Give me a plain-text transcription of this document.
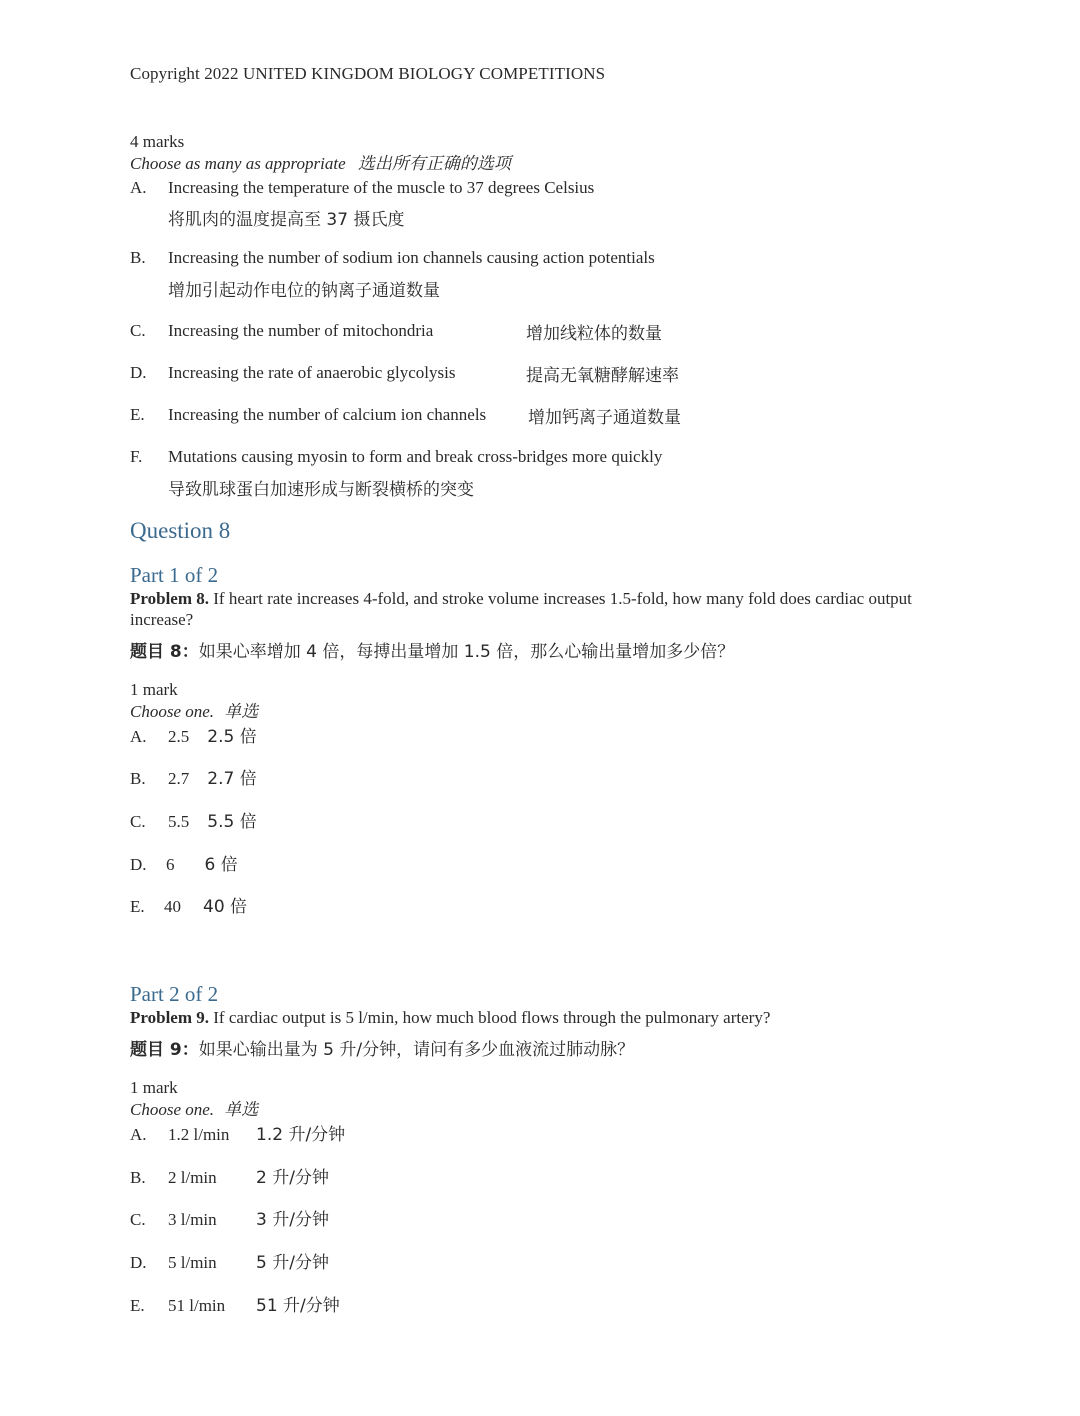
Copyright 2022 UNITED KINGDOM BIOLOGY COMPETITIONS
4 marks
Choose as many as appropriate 选出所有正确的选项
A. Increasing the temperature of the muscle to 37 degrees Celsius
将肌肉的温度提高至 37 摄氏度
B. Increasing the number of sodium ion channels causing action potentials
增加引起动作电位的钠离子通道数量
C. Increasing the number of mitochondria	增加线粒体的数量
D. Increasing the rate of anaerobic glycolysis	提高无氧糖酵解速率
E. Increasing the number of calcium ion channels 增加钙离子通道数量
F. Mutations causing myosin to form and break cross-bridges more quickly
导致肌球蛋白加速形成与断裂横桥的突变
Question 8
Part 1 of 2
Problem 8. If heart rate increases 4-fold, and stroke volume increases 1.5-fold, how many fold does cardiac output increase?
题目 8：如果心率增加 4 倍，每搏出量增加 1.5 倍，那么心输出量增加多少倍？
1 mark
Choose one. 单选
A. 2.5 2.5 倍
B. 2.7 2.7 倍
C. 5.5 5.5 倍
D. 6 6 倍
E. 40 40 倍
Part 2 of 2
Problem 9. If cardiac output is 5 l/min, how much blood flows through the pulmonary artery?
题目 9：如果心输出量为 5 升/分钟，请问有多少血液流过肺动脉？
1 mark
Choose one. 单选
A. 1.2 l/min 1.2 升/分钟
B. 2 l/min 2 升/分钟
C. 3 l/min 3 升/分钟
D. 5 l/min 5 升/分钟
E. 51 l/min 51 升/分钟
